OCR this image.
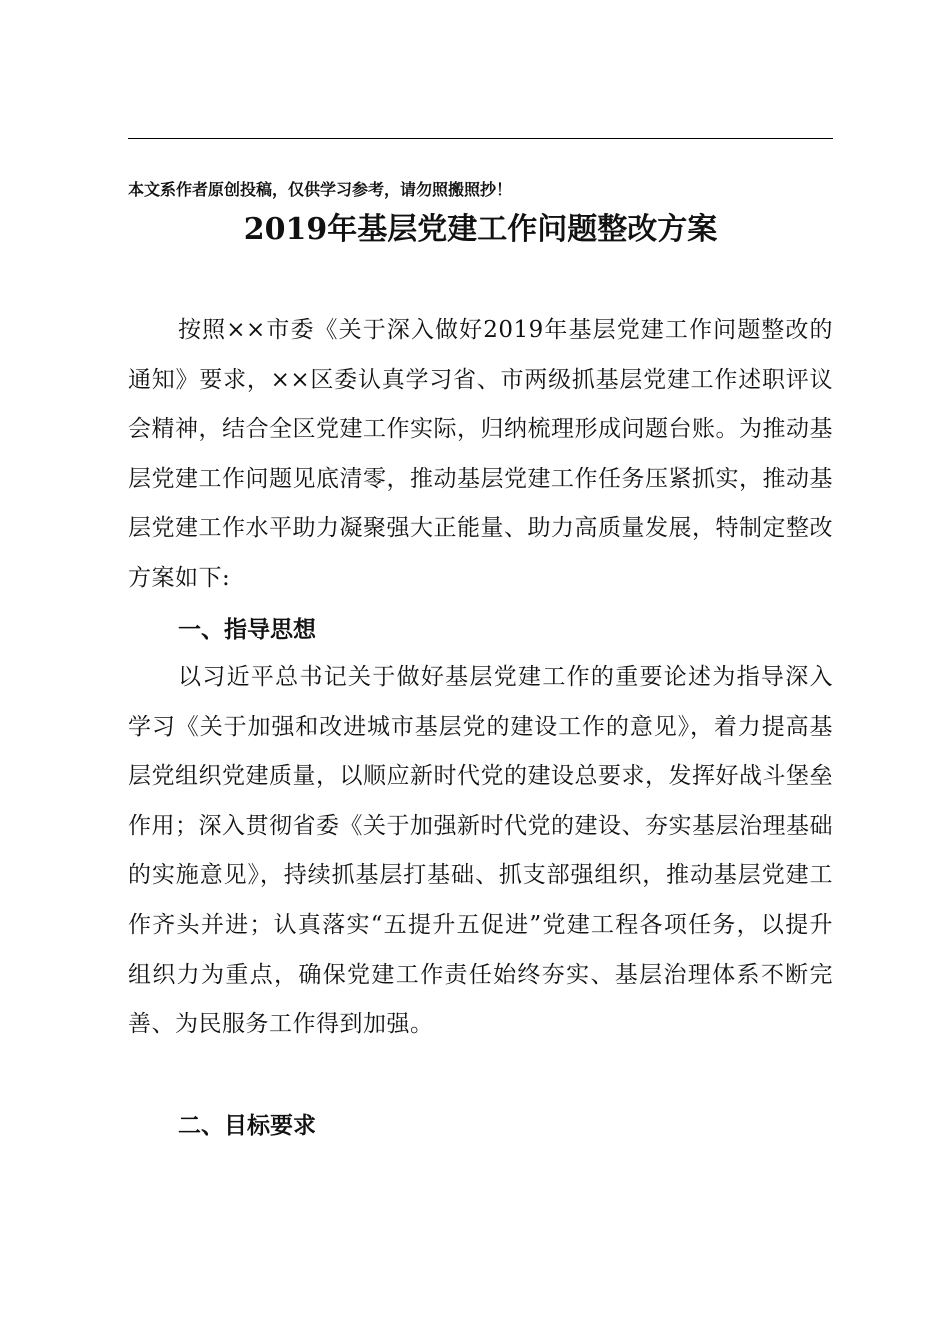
本文系作者原创投稿，仅供学习参考，请勿照搬照抄！
2019年基层党建工作问题整改方案

按照××市委《关于深入做好2019年基层党建工作问题整改的通知》要求，××区委认真学习省、市两级抓基层党建工作述职评议会精神，结合全区党建工作实际，归纳梳理形成问题台账。为推动基层党建工作问题见底清零，推动基层党建工作任务压紧抓实，推动基层党建工作水平助力凝聚强大正能量、助力高质量发展，特制定整改方案如下:

一、指导思想

以习近平总书记关于做好基层党建工作的重要论述为指导深入学习《关于加强和改进城市基层党的建设工作的意见》，着力提高基层党组织党建质量，以顺应新时代党的建设总要求，发挥好战斗堡垒作用；深入贯彻省委《关于加强新时代党的建设、夯实基层治理基础的实施意见》，持续抓基层打基础、抓支部强组织，推动基层党建工作齐头并进；认真落实“五提升五促进”党建工程各项任务，以提升组织力为重点，确保党建工作责任始终夯实、基层治理体系不断完善、为民服务工作得到加强。

二、目标要求
